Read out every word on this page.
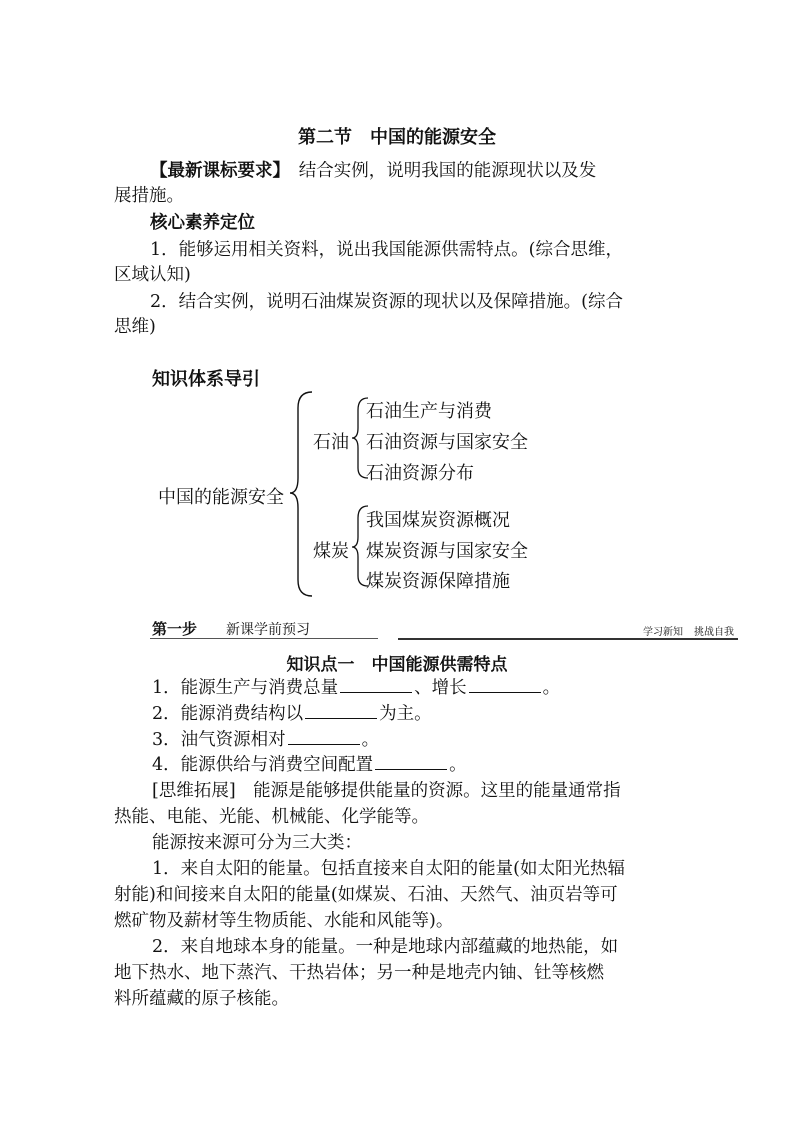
第二节　中国的能源安全
【最新课标要求】　结合实例，说明我国的能源现状以及发
展措施。
核心素养定位
1．能够运用相关资料，说出我国能源供需特点。(综合思维，
区域认知)
2．结合实例，说明石油煤炭资源的现状以及保障措施。(综合
思维)
知识体系导引
中国的能源安全
石油
石油生产与消费
石油资源与国家安全
石油资源分布
煤炭
我国煤炭资源概况
煤炭资源与国家安全
煤炭资源保障措施
第一步 新课学前预习	学习新知 挑战自我
知识点一　中国能源供需特点
1．能源生产与消费总量	、增长	。
2．能源消费结构以	为主。
3．油气资源相对	。
4．能源供给与消费空间配置	。
[思维拓展]　能源是能够提供能量的资源。这里的能量通常指
热能、电能、光能、机械能、化学能等。
能源按来源可分为三大类：
1．来自太阳的能量。包括直接来自太阳的能量(如太阳光热辐
射能)和间接来自太阳的能量(如煤炭、石油、天然气、油页岩等可
燃矿物及薪材等生物质能、水能和风能等)。
2．来自地球本身的能量。一种是地球内部蕴藏的地热能，如
地下热水、地下蒸汽、干热岩体；另一种是地壳内铀、钍等核燃
料所蕴藏的原子核能。
